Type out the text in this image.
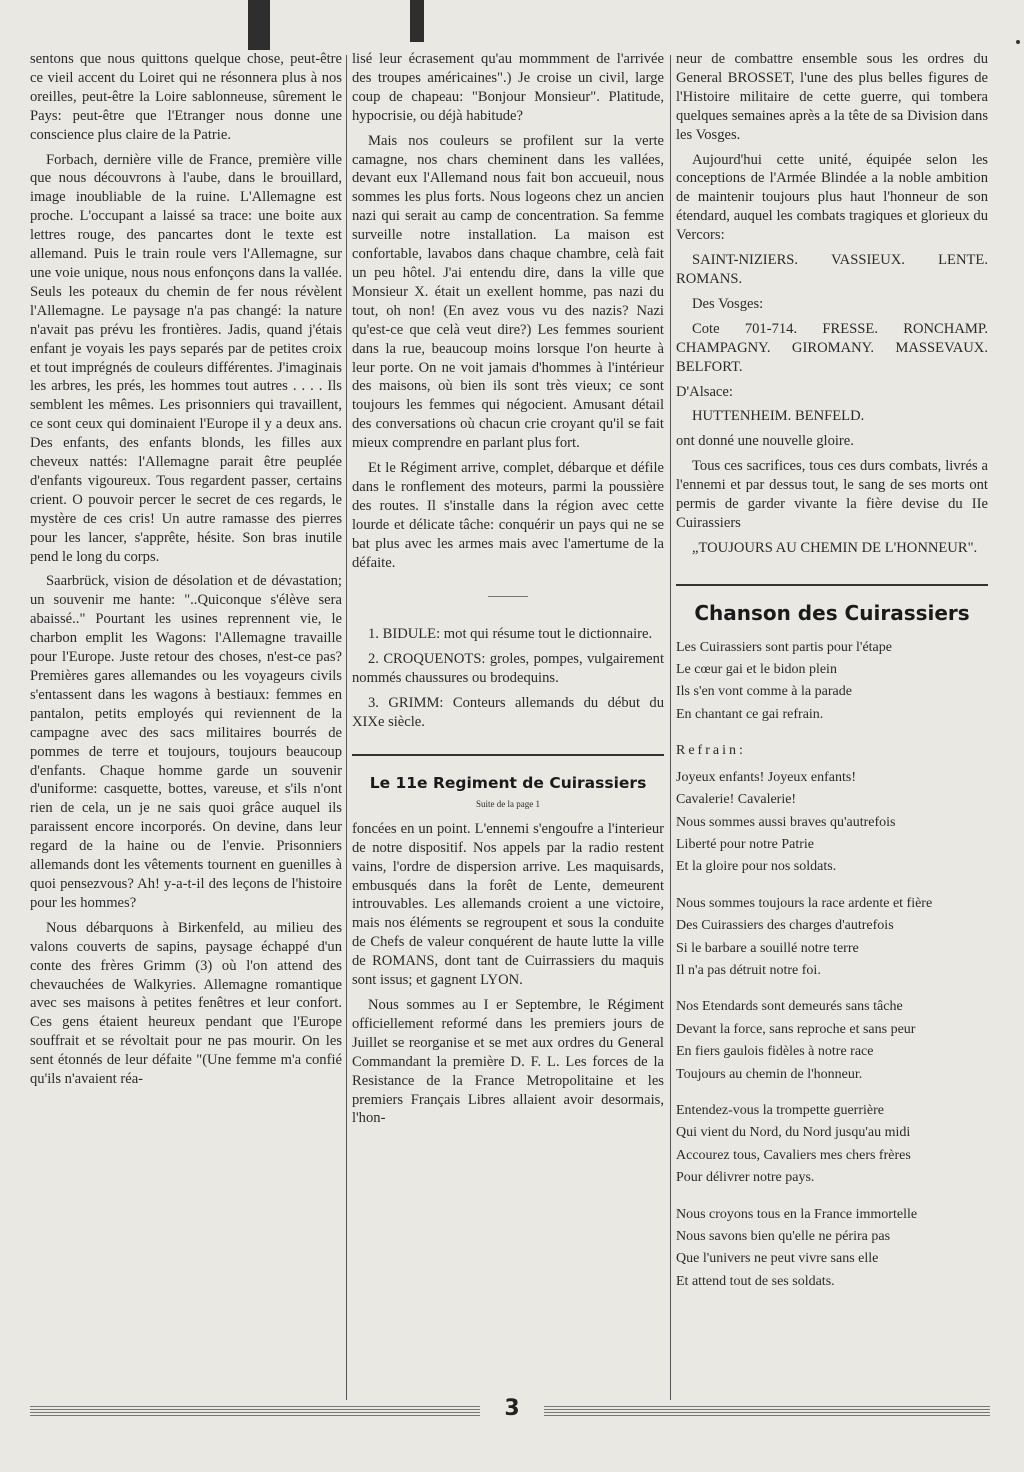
sentons que nous quittons quelque chose, peut-être ce vieil accent du Loiret qui ne résonnera plus à nos oreilles, peut-être la Loire sablonneuse, sûrement le Pays: peut-être que l'Etranger nous donne une conscience plus claire de la Patrie.

Forbach, dernière ville de France, première ville que nous découvrons à l'aube, dans le brouillard, image inoubliable de la ruine. L'Allemagne est proche. L'occupant a laissé sa trace: une boite aux lettres rouge, des pancartes dont le texte est allemand. Puis le train roule vers l'Allemagne, sur une voie unique, nous nous enfonçons dans la vallée. Seuls les poteaux du chemin de fer nous révèlent l'Allemagne. Le paysage n'a pas changé: la nature n'avait pas prévu les frontières. Jadis, quand j'étais enfant je voyais les pays separés par de petites croix et tout imprégnés de couleurs différentes. J'imaginais les arbres, les prés, les hommes tout autres . . . . Ils semblent les mêmes. Les prisonniers qui travaillent, ce sont ceux qui dominaient l'Europe il y a deux ans. Des enfants, des enfants blonds, les filles aux cheveux nattés: l'Allemagne parait être peuplée d'enfants vigoureux. Tous regardent passer, certains crient. O pouvoir percer le secret de ces regards, le mystère de ces cris! Un autre ramasse des pierres pour les lancer, s'apprête, hésite. Son bras inutile pend le long du corps.

Saarbrück, vision de désolation et de dévastation; un souvenir me hante: "..Quiconque s'élève sera abaissé.." Pourtant les usines reprennent vie, le charbon emplit les Wagons: l'Allemagne travaille pour l'Europe. Juste retour des choses, n'est-ce pas? Premières gares allemandes ou les voyageurs civils s'entassent dans les wagons à bestiaux: femmes en pantalon, petits employés qui reviennent de la campagne avec des sacs militaires bourrés de pommes de terre et toujours, toujours beaucoup d'enfants. Chaque homme garde un souvenir d'uniforme: casquette, bottes, vareuse, et s'ils n'ont rien de cela, un je ne sais quoi grâce auquel ils paraissent encore incorporés. On devine, dans leur regard de la haine ou de l'envie. Prisonniers allemands dont les vêtements tournent en guenilles à quoi pensezvous? Ah! y-a-t-il des leçons de l'histoire pour les hommes?

Nous débarquons à Birkenfeld, au milieu des valons couverts de sapins, paysage échappé d'un conte des frères Grimm (3) où l'on attend des chevauchées de Walkyries. Allemagne romantique avec ses maisons à petites fenêtres et leur confort. Ces gens étaient heureux pendant que l'Europe souffrait et se révoltait pour ne pas mourir. On les sent étonnés de leur défaite "(Une femme m'a confié qu'ils n'avaient réa-

lisé leur écrasement qu'au mommment de l'arrivée des troupes américaines".) Je croise un civil, large coup de chapeau: "Bonjour Monsieur". Platitude, hypocrisie, ou déjà habitude?

Mais nos couleurs se profilent sur la verte camagne, nos chars cheminent dans les vallées, devant eux l'Allemand nous fait bon accueuil, nous sommes les plus forts. Nous logeons chez un ancien nazi qui serait au camp de concentration. Sa femme surveille notre installation. La maison est confortable, lavabos dans chaque chambre, celà fait un peu hôtel. J'ai entendu dire, dans la ville que Monsieur X. était un exellent homme, pas nazi du tout, oh non! (En avez vous vu des nazis? Nazi qu'est-ce que celà veut dire?) Les femmes sourient dans la rue, beaucoup moins lorsque l'on heurte à leur porte. On ne voit jamais d'hommes à l'intérieur des maisons, où bien ils sont très vieux; ce sont toujours les femmes qui négocient. Amusant détail des conversations où chacun crie croyant qu'il se fait mieux comprendre en parlant plus fort.

Et le Régiment arrive, complet, débarque et défile dans le ronflement des moteurs, parmi la poussière des routes. Il s'installe dans la région avec cette lourde et délicate tâche: conquérir un pays qui ne se bat plus avec les armes mais avec l'amertume de la défaite.

1. BIDULE: mot qui résume tout le dictionnaire.

2. CROQUENOTS: groles, pompes, vulgairement nommés chaussures ou brodequins.

3. GRIMM: Conteurs allemands du début du XIXe siècle.

Le 11e Regiment de Cuirassiers
Suite de la page 1

foncées en un point. L'ennemi s'engoufre a l'interieur de notre dispositif. Nos appels par la radio restent vains, l'ordre de dispersion arrive. Les maquisards, embusqués dans la forêt de Lente, demeurent introuvables. Les allemands croient a une victoire, mais nos éléments se regroupent et sous la conduite de Chefs de valeur conquérent de haute lutte la ville de ROMANS, dont tant de Cuirrassiers du maquis sont issus; et gagnent LYON.

Nous sommes au I er Septembre, le Régiment officiellement reformé dans les premiers jours de Juillet se reorganise et se met aux ordres du General Commandant la première D. F. L. Les forces de la Resistance de la France Metropolitaine et les premiers Français Libres allaient avoir desormais, l'hon-

neur de combattre ensemble sous les ordres du General BROSSET, l'une des plus belles figures de l'Histoire militaire de cette guerre, qui tombera quelques semaines après a la tête de sa Division dans les Vosges.

Aujourd'hui cette unité, équipée selon les conceptions de l'Armée Blindée a la noble ambition de maintenir toujours plus haut l'honneur de son étendard, auquel les combats tragiques et glorieux du Vercors:

SAINT-NIZIERS. VASSIEUX. LENTE. ROMANS.

Des Vosges:

Cote 701-714. FRESSE. RONCHAMP. CHAMPAGNY. GIROMANY. MASSEVAUX. BELFORT.

D'Alsace:

HUTTENHEIM. BENFELD.

ont donné une nouvelle gloire.

Tous ces sacrifices, tous ces durs combats, livrés a l'ennemi et par dessus tout, le sang de ses morts ont permis de garder vivante la fière devise du IIe Cuirassiers

„TOUJOURS AU CHEMIN DE L'HONNEUR".

Chanson des Cuirassiers
Les Cuirassiers sont partis pour l'étape
Le cœur gai et le bidon plein
Ils s'en vont comme à la parade
En chantant ce gai refrain.
Refrain:
Joyeux enfants! Joyeux enfants!
Cavalerie! Cavalerie!
Nous sommes aussi braves qu'autrefois
Liberté pour notre Patrie
Et la gloire pour nos soldats.
Nous sommes toujours la race ardente et fière
Des Cuirassiers des charges d'autrefois
Si le barbare a souillé notre terre
Il n'a pas détruit notre foi.
Nos Etendards sont demeurés sans tâche
Devant la force, sans reproche et sans peur
En fiers gaulois fidèles à notre race
Toujours au chemin de l'honneur.
Entendez-vous la trompette guerrière
Qui vient du Nord, du Nord jusqu'au midi
Accourez tous, Cavaliers mes chers frères
Pour délivrer notre pays.
Nous croyons tous en la France immortelle
Nous savons bien qu'elle ne périra pas
Que l'univers ne peut vivre sans elle
Et attend tout de ses soldats.
3
